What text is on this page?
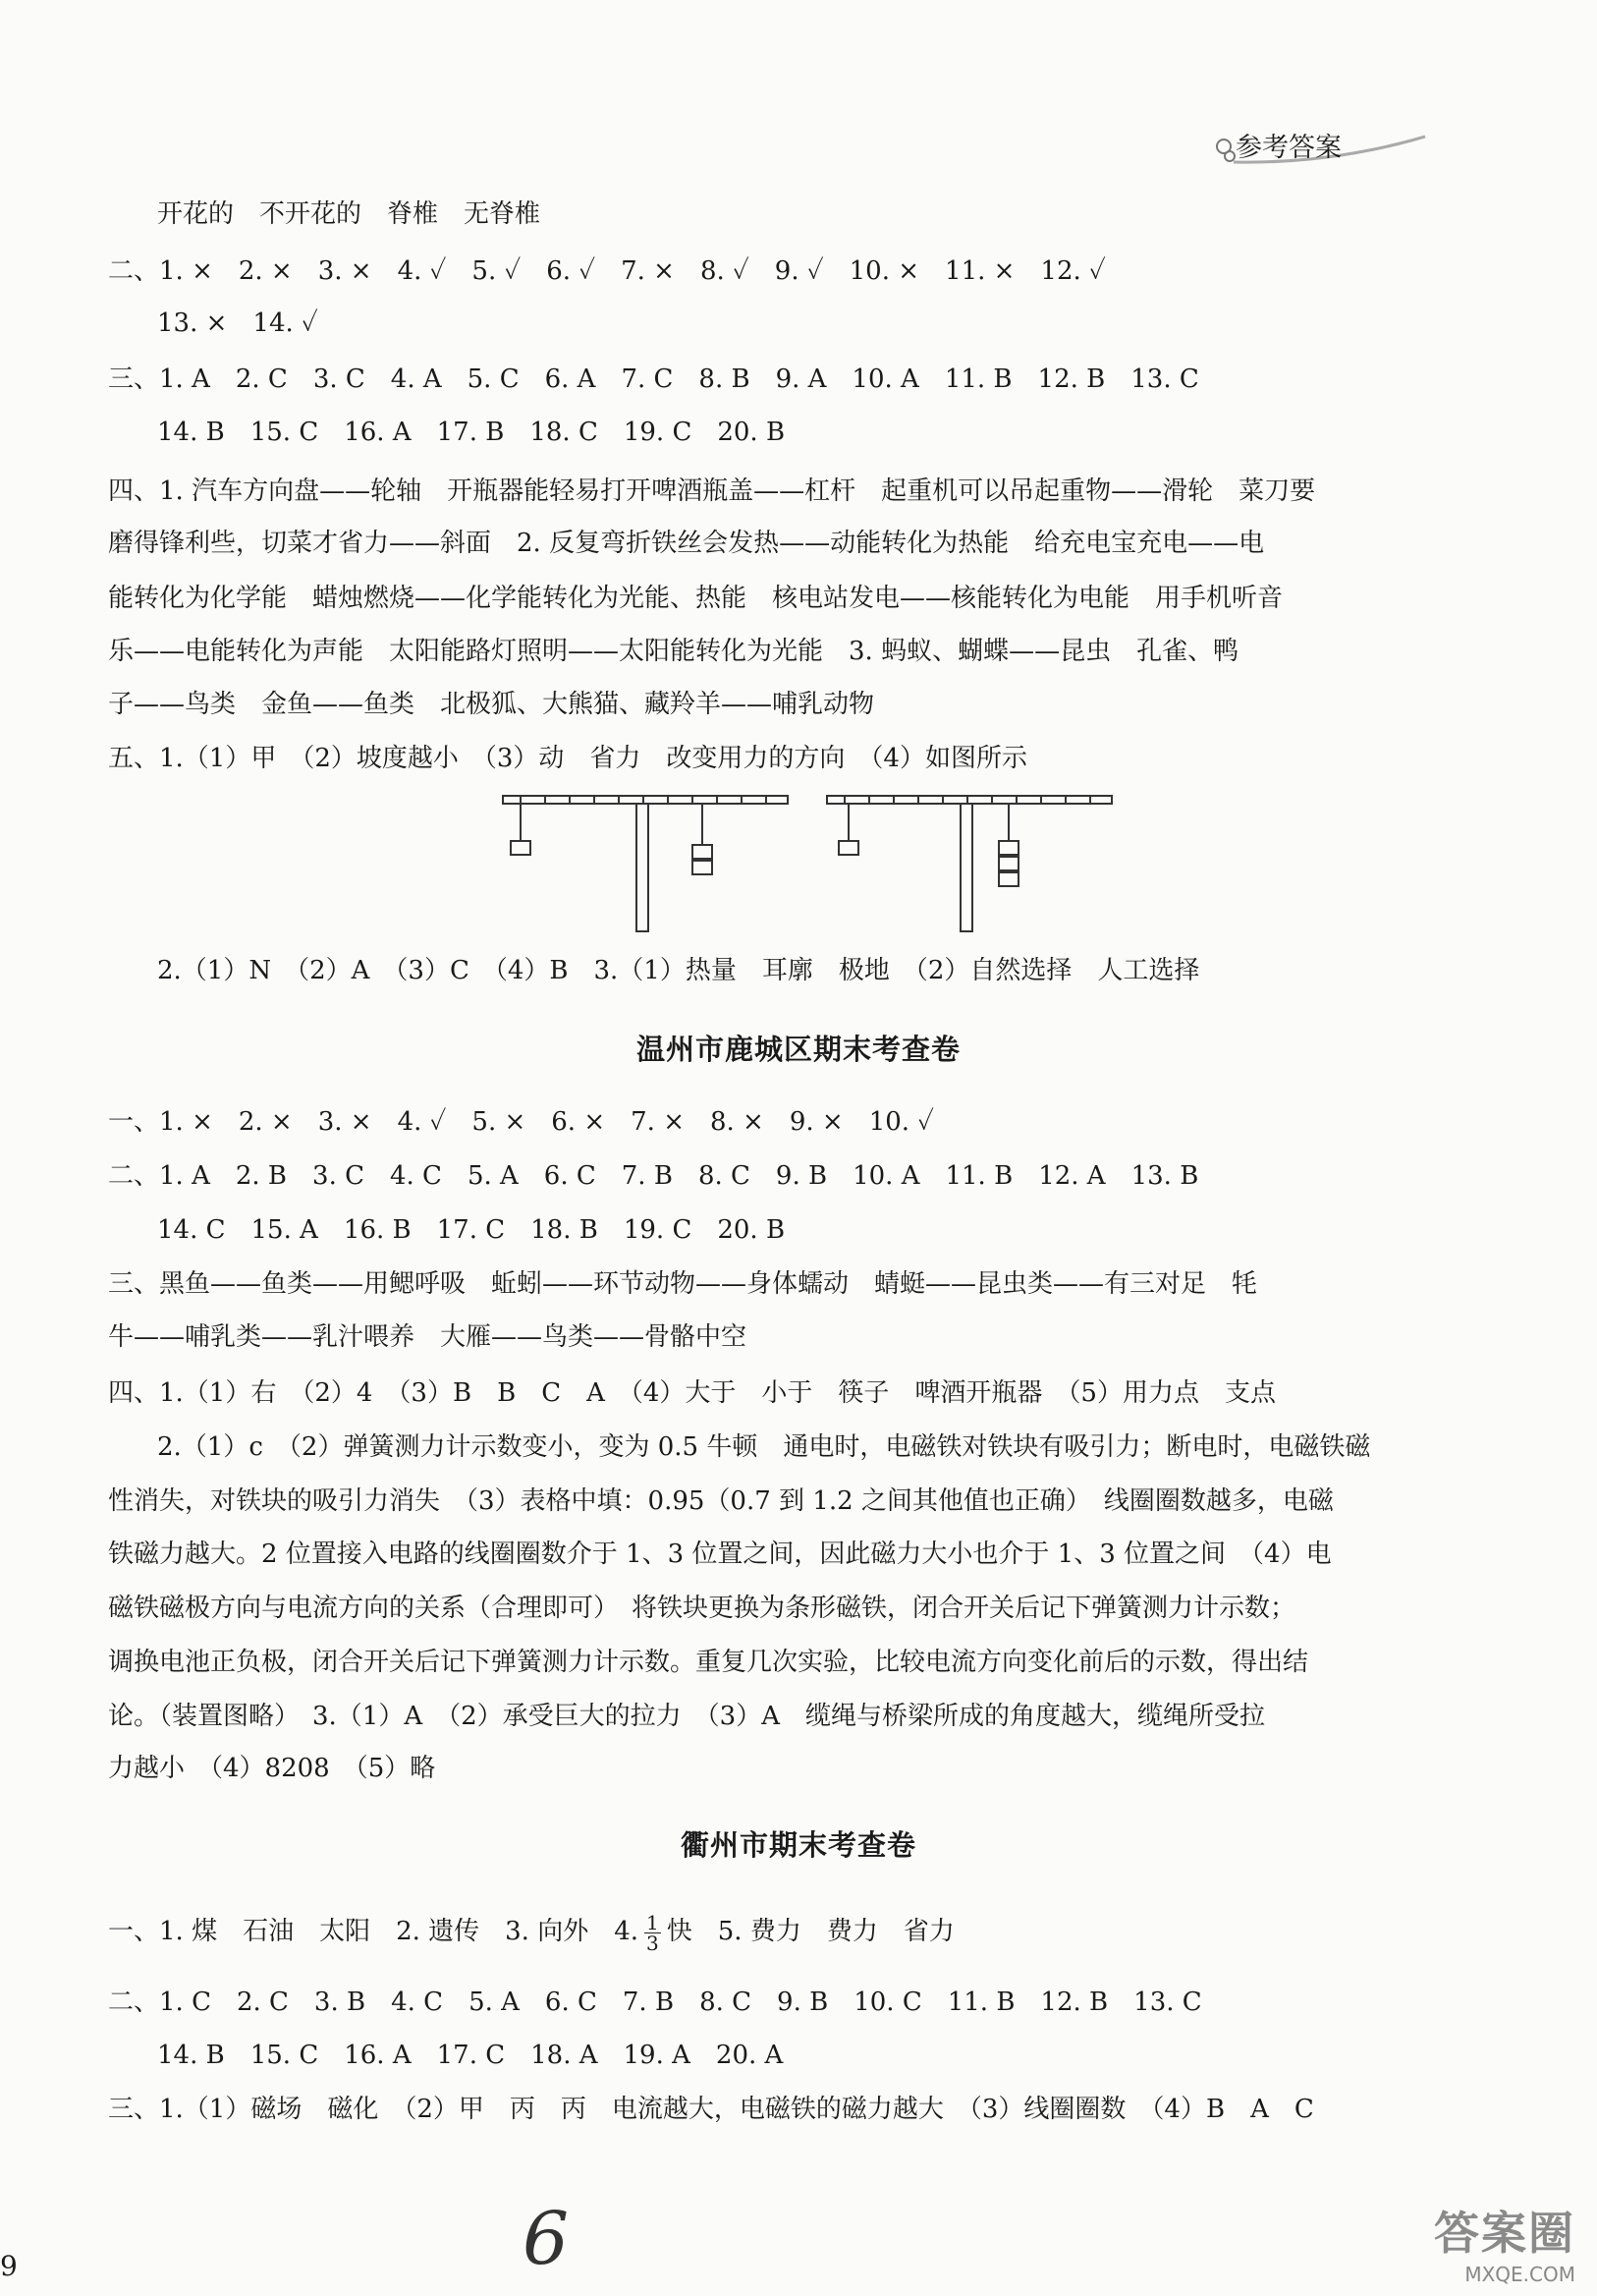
参考答案
开花的　不开花的　脊椎　无脊椎
二、1. ×　2. ×　3. ×　4. ✓　5. ✓　6. ✓　7. ×　8. ✓　9. ✓　10. ×　11. ×　12. ✓
13. ×　14. ✓
三、1. A　2. C　3. C　4. A　5. C　6. A　7. C　8. B　9. A　10. A　11. B　12. B　13. C
14. B　15. C　16. A　17. B　18. C　19. C　20. B
四、1. 汽车方向盘——轮轴　开瓶器能轻易打开啤酒瓶盖——杠杆　起重机可以吊起重物——滑轮　菜刀要
磨得锋利些，切菜才省力——斜面　2. 反复弯折铁丝会发热——动能转化为热能　给充电宝充电——电
能转化为化学能　蜡烛燃烧——化学能转化为光能、热能　核电站发电——核能转化为电能　用手机听音
乐——电能转化为声能　太阳能路灯照明——太阳能转化为光能　3. 蚂蚁、蝴蝶——昆虫　孔雀、鸭
子——鸟类　金鱼——鱼类　北极狐、大熊猫、藏羚羊——哺乳动物
五、1.（1）甲　（2）坡度越小　（3）动　省力　改变用力的方向　（4）如图所示
2.（1）N　（2）A　（3）C　（4）B　3.（1）热量　耳廓　极地　（2）自然选择　人工选择
温州市鹿城区期末考查卷
一、1. ×　2. ×　3. ×　4. ✓　5. ×　6. ×　7. ×　8. ×　9. ×　10. ✓
二、1. A　2. B　3. C　4. C　5. A　6. C　7. B　8. C　9. B　10. A　11. B　12. A　13. B
14. C　15. A　16. B　17. C　18. B　19. C　20. B
三、黑鱼——鱼类——用鳃呼吸　蚯蚓——环节动物——身体蠕动　蜻蜓——昆虫类——有三对足　牦
牛——哺乳类——乳汁喂养　大雁——鸟类——骨骼中空
四、1.（1）右　（2）4　（3）B　B　C　A　（4）大于　小于　筷子　啤酒开瓶器　（5）用力点　支点
2.（1）c　（2）弹簧测力计示数变小，变为 0.5 牛顿　通电时，电磁铁对铁块有吸引力；断电时，电磁铁磁
性消失，对铁块的吸引力消失　（3）表格中填：0.95（0.7 到 1.2 之间其他值也正确）　线圈圈数越多，电磁
铁磁力越大。2 位置接入电路的线圈圈数介于 1、3 位置之间，因此磁力大小也介于 1、3 位置之间　（4）电
磁铁磁极方向与电流方向的关系（合理即可）　将铁块更换为条形磁铁，闭合开关后记下弹簧测力计示数；
调换电池正负极，闭合开关后记下弹簧测力计示数。重复几次实验，比较电流方向变化前后的示数，得出结
论。（装置图略）　3.（1）A　（2）承受巨大的拉力　（3）A　缆绳与桥梁所成的角度越大，缆绳所受拉
力越小　（4）8208　（5）略
衢州市期末考查卷
一、1. 煤　石油　太阳　2. 遗传　3. 向外　4. $\frac{1}{3}$ 快　5. 费力　费力　省力
二、1. C　2. C　3. B　4. C　5. A　6. C　7. B　8. C　9. B　10. C　11. B　12. B　13. C
14. B　15. C　16. A　17. C　18. A　19. A　20. A
三、1.（1）磁场　磁化　（2）甲　丙　丙　电流越大，电磁铁的磁力越大　（3）线圈圈数　（4）B　A　C
9	6	答案圈
MXQE.COM
